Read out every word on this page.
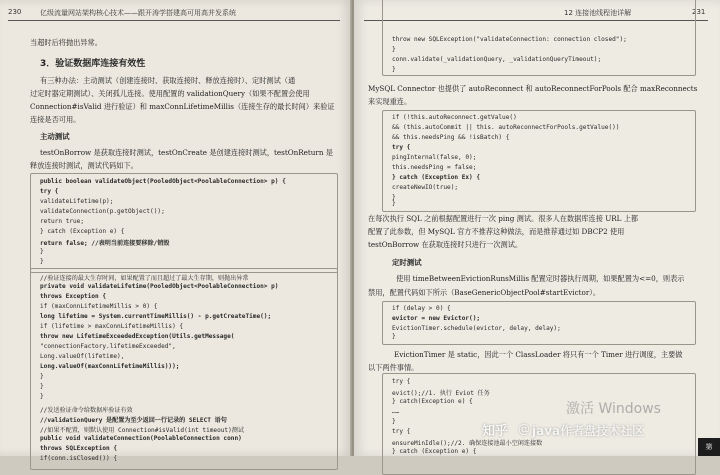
230	亿级流量网站架构核心技术——跟开涛学搭建高可用高并发系统
当超时后将抛出异常。
3．验证数据库连接有效性
有三种办法：主动测试（创建连接时、获取连接时、释放连接时）、定时测试（通
过定时器定期测试）、关闭孤儿连接。使用配置的 validationQuery（如果不配置会使用
Connection#isValid 进行验证）和 maxConnLifetimeMillis（连接生存的最长时间）来验证
连接是否可用。
主动测试
testOnBorrow 是获取连接时测试，testOnCreate 是创建连接时测试，testOnReturn 是
释放连接时测试，测试代码如下。
public boolean validateObject(PooledObject<PoolableConnection> p) {
try {
validateLifetime(p);
validateConnection(p.getObject());
return true;
} catch (Exception e) {
return false; //表明当前连接要移除/销毁
}
}
//验证连接的最大生存时间，如果配置了而且超过了最大生存期，则抛出异常
private void validateLifetime(PooledObject<PoolableConnection> p)
throws Exception {
if (maxConnLifetimeMillis > 0) {
long lifetime = System.currentTimeMillis() - p.getCreateTime();
if (lifetime > maxConnLifetimeMillis) {
throw new LifetimeExceededException(Utils.getMessage(
"connectionFactory.lifetimeExceeded",
Long.valueOf(lifetime),
Long.valueOf(maxConnLifetimeMillis)));
}
}
}
//发送验证命令给数据库验证有效
//validationQuery 是配置为至少返回一行记录的 SELECT 语句
//如果不配置，则默认使用 Connection#isValid(int timeout)测试
public void validateConnection(PoolableConnection conn)
throws SQLException {
if(conn.isClosed()) {
12 连接池线程池详解	231
throw new SQLException("validateConnection: connection closed");
}
conn.validate(_validationQuery, _validationQueryTimeout);
}
MySQL Connector 也提供了 autoReconnect 和 autoReconnectForPools 配合 maxReconnects
来实现重连。
if (!this.autoReconnect.getValue()
&& (this.autoCommit || this. autoReconnectForPools.getValue())
&& this.needsPing && !isBatch) {
try {
pingInternal(false, 0);
this.needsPing = false;
} catch (Exception Ex) {
createNewIO(true);
}
}
在每次执行 SQL 之前根据配置进行一次 ping 测试。很多人在数据库连接 URL 上都
配置了此参数，但 MySQL 官方不推荐这种做法，而是推荐通过如 DBCP2 使用
testOnBorrow 在获取连接时只进行一次测试。
定时测试
使用 timeBetweenEvictionRunsMillis 配置定时器执行周期，如果配置为<=0，则表示
禁用，配置代码如下所示（BaseGenericObjectPool#startEvictor）。
if (delay > 0) {
evictor = new Evictor();
EvictionTimer.schedule(evictor, delay, delay);
}
EvictionTimer 是 static，因此一个 ClassLoader 将只有一个 Timer 进行调度，主要做
以下两件事情。
try {
evict();//1. 执行 Eviot 任务
} catch(Exception e) {
……
}
try {
ensureMinIdle();//2. 确保连接池最小空闲连接数
} catch (Exception e) {
激活 Windows
知乎 @ java作者盘技术社区
第
